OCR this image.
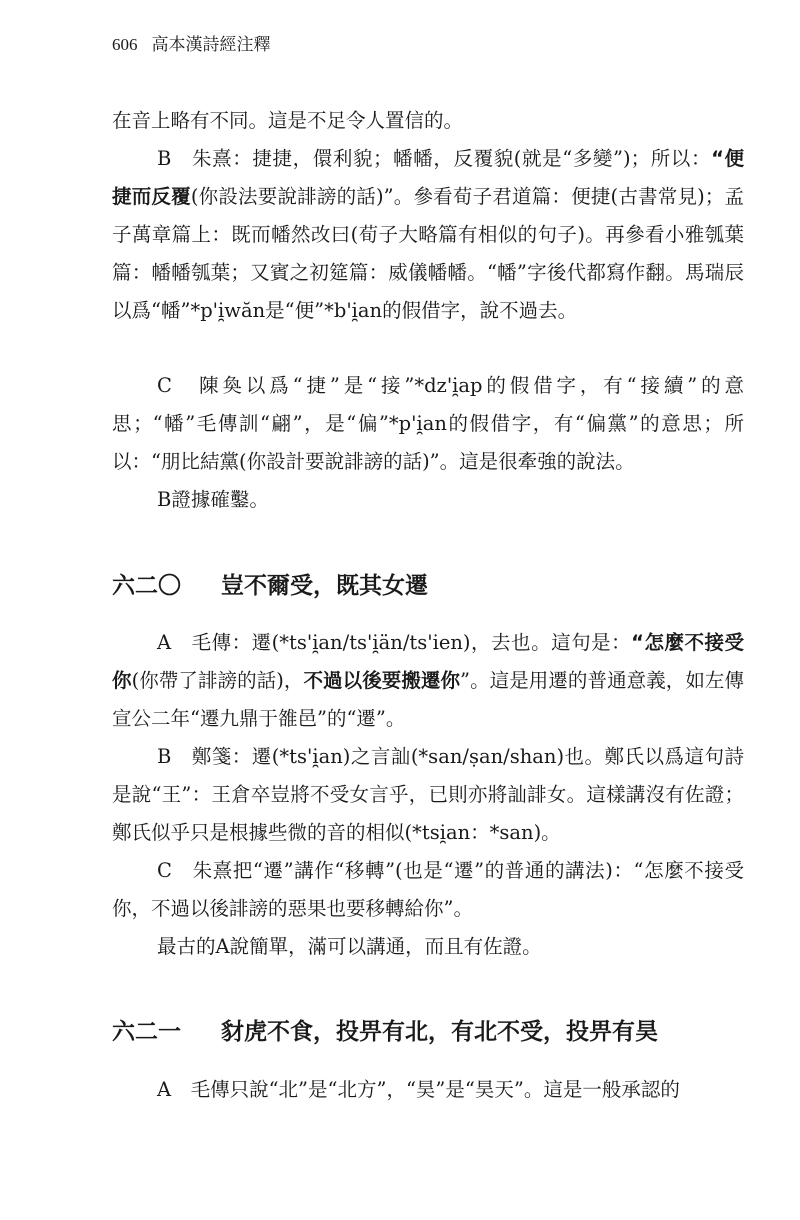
606 高本漢詩經注釋

在音上略有不同。這是不足令人置信的。

B　朱熹：捷捷，儇利貌；幡幡，反覆貌(就是“多變”)；所以：“便捷而反覆(你設法要說誹謗的話)”。參看荀子君道篇：便捷(古書常見)；孟子萬章篇上：既而幡然改曰(荀子大略篇有相似的句子)。再參看小雅瓠葉篇：幡幡瓠葉；又賓之初筵篇：威儀幡幡。“幡”字後代都寫作翻。馬瑞辰以爲“幡”*p'i̯wăn是“便”*b'i̯an的假借字，說不過去。

C　陳奐以爲“捷”是“接”*dz'i̯ap的假借字，有“接續”的意思；“幡”毛傳訓“翩”，是“偏”*p'i̯an的假借字，有“偏黨”的意思；所以：“朋比結黨(你設計要說誹謗的話)”。這是很牽強的說法。

B證據確鑿。

六二〇 豈不爾受，既其女遷

A　毛傳：遷(*ts'i̯an/ts'i̯än/ts'ien)，去也。這句是：“怎麼不接受你(你帶了誹謗的話)，不過以後要搬遷你”。這是用遷的普通意義，如左傳宣公二年“遷九鼎于雒邑”的“遷”。

B　鄭箋：遷(*ts'i̯an)之言訕(*san/ṣan/shan)也。鄭氏以爲這句詩是說“王”：王倉卒豈將不受女言乎，已則亦將訕誹女。這樣講沒有佐證；鄭氏似乎只是根據些微的音的相似(*tsi̯an：*san)。

C　朱熹把“遷”講作“移轉”(也是“遷”的普通的講法)：“怎麼不接受你，不過以後誹謗的惡果也要移轉給你”。

最古的A說簡單，滿可以講通，而且有佐證。

六二一 豺虎不食，投畀有北，有北不受，投畀有昊

A　毛傳只說“北”是“北方”，“昊”是“昊天”。這是一般承認的
